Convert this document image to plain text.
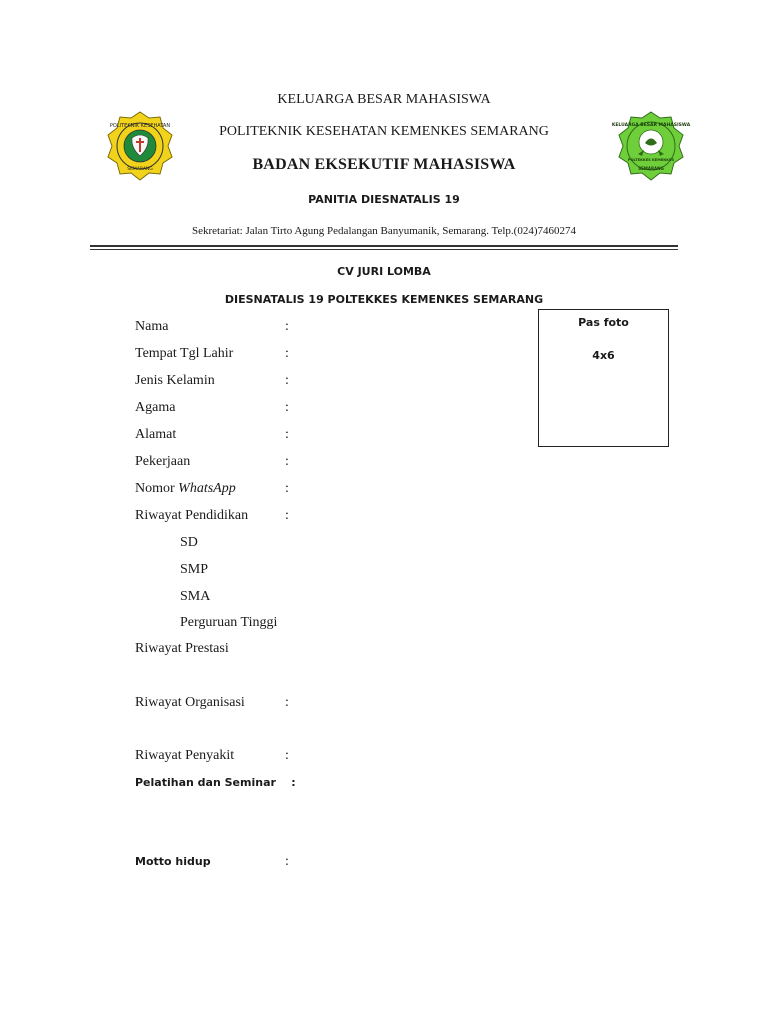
POLITEKNIK KESEHATAN
SEMARANG
KELUARGA BESAR MAHASISWA
POLTEKKES KEMENKES
SEMARANG
KELUARGA BESAR MAHASISWA
POLITEKNIK KESEHATAN KEMENKES SEMARANG
BADAN EKSEKUTIF MAHASISWA
PANITIA DIESNATALIS 19
Sekretariat: Jalan Tirto Agung Pedalangan Banyumanik, Semarang. Telp.(024)7460274
CV JURI LOMBA
DIESNATALIS 19 POLTEKKES KEMENKES SEMARANG
Pas foto
4x6
Nama	:
Tempat Tgl Lahir	:
Jenis Kelamin	:
Agama	:
Alamat	:
Pekerjaan	:
Nomor WhatsApp	:
Riwayat Pendidikan	:
SD
SMP
SMA
Perguruan Tinggi
Riwayat Prestasi
Riwayat Organisasi	:
Riwayat Penyakit	:
Pelatihan dan Seminar    :
Motto hidup	:
